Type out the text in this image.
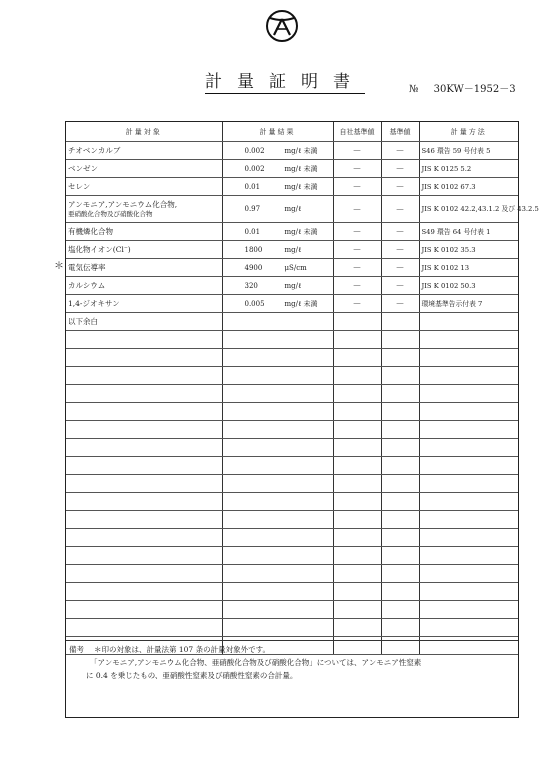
計量証明書	№ 30KW－1952－3
＊
計量対象	計量結果	自社基準値	基準値	計量方法
チオベンカルブ	0.002 mg/ℓ 未満	－	－	S46 環告 59 号付表 5
ベンゼン	0.002 mg/ℓ 未満	－	－	JIS K 0125 5.2
セレン	0.01 mg/ℓ 未満	－	－	JIS K 0102 67.3
アンモニア,アンモニウム化合物,
亜硝酸化合物及び硝酸化合物	0.97 mg/ℓ	－	－	JIS K 0102 42.2,43.1.2 及び 43.2.5
有機燐化合物	0.01 mg/ℓ 未満	－	－	S49 環告 64 号付表 1
塩化物イオン(Cl⁻)	1800 mg/ℓ	－	－	JIS K 0102 35.3
電気伝導率	4900 μS/cm	－	－	JIS K 0102 13
カルシウム	320 mg/ℓ	－	－	JIS K 0102 50.3
1,4-ジオキサン	0.005 mg/ℓ 未満	－	－	環境基準告示付表 7
以下余白				

備考 ＊印の対象は、計量法第 107 条の計量対象外です。
「アンモニア,アンモニウム化合物、亜硝酸化合物及び硝酸化合物」については、アンモニア性窒素
に 0.4 を乗じたもの、亜硝酸性窒素及び硝酸性窒素の合計量。
